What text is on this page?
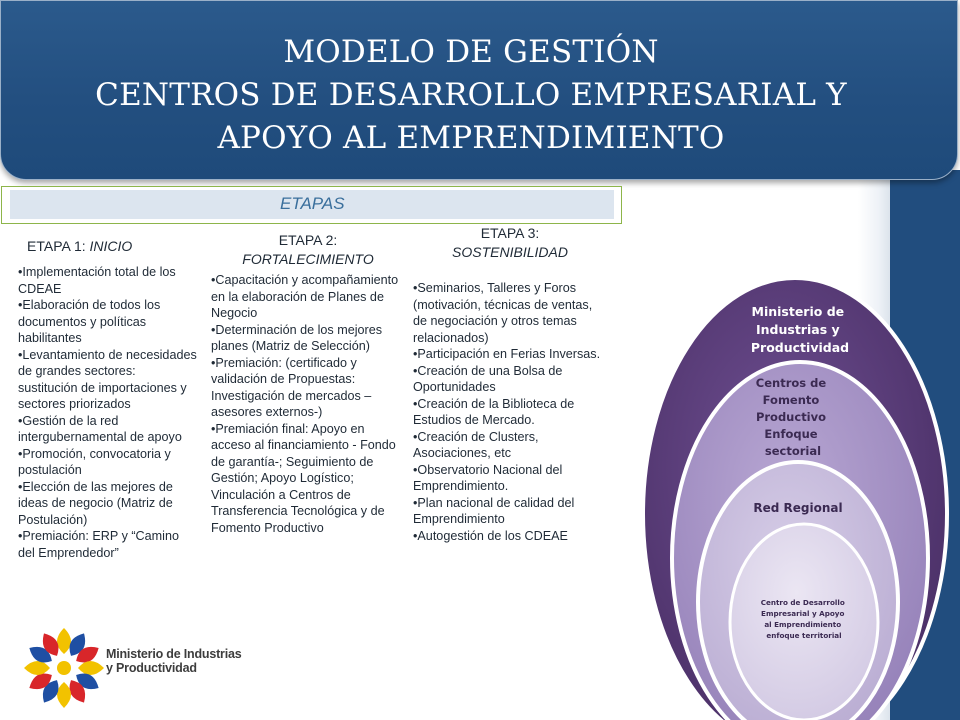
MODELO DE GESTIÓN
CENTROS DE DESARROLLO EMPRESARIAL Y
APOYO AL EMPRENDIMIENTO
ETAPAS
ETAPA 1: INICIO
•Implementación total de los CDEAE
•Elaboración de todos los documentos y políticas habilitantes
•Levantamiento de necesidades de grandes sectores: sustitución de importaciones y sectores priorizados
•Gestión de la red intergubernamental de apoyo
•Promoción, convocatoria y postulación
•Elección de las mejores de ideas de negocio (Matriz de Postulación)
•Premiación: ERP y “Camino del Emprendedor”
ETAPA 2:
FORTALECIMIENTO
•Capacitación y acompañamiento en la elaboración de Planes de Negocio
•Determinación de los mejores planes (Matriz de Selección)
•Premiación: (certificado y validación de Propuestas: Investigación de mercados – asesores externos-)
•Premiación final: Apoyo en acceso al financiamiento - Fondo de garantía-; Seguimiento de Gestión; Apoyo Logístico; Vinculación a Centros de Transferencia Tecnológica y de Fomento Productivo
ETAPA 3:
SOSTENIBILIDAD
•Seminarios, Talleres y Foros (motivación, técnicas de ventas, de negociación y otros temas relacionados)
•Participación en Ferias Inversas.
•Creación de una Bolsa de Oportunidades
•Creación de la Biblioteca de Estudios de Mercado.
•Creación de Clusters, Asociaciones, etc
•Observatorio Nacional del Emprendimiento.
•Plan nacional de calidad del Emprendimiento
•Autogestión de los CDEAE
Ministerio de Industrias y Productividad
Centros de Fomento Productivo Enfoque sectorial
Red Regional
Centro de Desarrollo Empresarial y Apoyo al Emprendimiento enfoque territorial
Ministerio de Industrias
y Productividad
